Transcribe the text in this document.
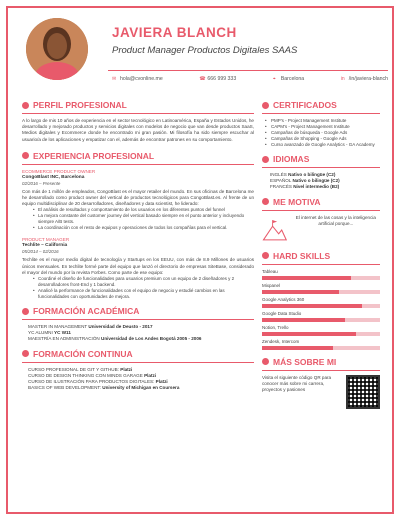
JAVIERA BLANCH
Product Manager Productos Digitales SAAS
✉ hola@cvonline.me	☎ 666 999 333	⌖ Barcelona	in /in/javiera-blanch
PERFIL PROFESIONAL
A lo largo de mis 10 años de experiencia en el sector tecnológico en Latinoamérica, España y Estados Unidos, he desarrollado y mejorado productos y servicios digitales con modelos de negocio que van desde productos SaaS, Medios digitales y Ecommerce donde he encontrado mi gran pasión. Mi filosofía ha sido siempre escuchar al usuario/a de los aplicaciones y empatizar con el, además de encontrar patrones en su comportamiento.
EXPERIENCIA PROFESIONAL
ECOMMERCE PRODUCT OWNER
CongoBlast INC, Barcelona
02/2016 – Presente
Con más de 1 millón de empleados, CongoBlast es el mayor retailer del mundo. En sus oficinas de Barcelona me he desarrollado como product owner del vertical de productos tecnológicos para CongoBlast.es. Al frente de un equipo multidisciplinar de 20 desarrolladores, diseñadores y data scientist, he liderado:
• El análisis de resultados y comportamiento de los usuarios en los diferentes puntos del funnel
• La mejora constante del customer journey del vertical basado siempre en el punto anterior y incluyendo siempre A/B tests.
• La coordinación con el resto de equipos y operaciones de todos los compañías para el vertical.
PRODUCT MANAGER
Techlite – California
05/2014 – 02/2016
Techlite es el mayor medio digital de tecnología y Startups en los EEUU, con más de 8.9 Millones de usuarios únicos mensuales. En techlite formé parte del equipo que lanzó el directorio de empresas SiteBase, considerado el mayor del mundo por la revista Forbes. Como parte de ese equipo:
• Coordiné el diseño de funcionalidades para usuarios premium con un equipo de 2 diseñadores y 2 desarrolladores front-End y 1 backend.
• Analicé la performance de funcionalidades con el equipo de negocio y estudié cambios en las funcionalidades con oportunidades de mejora.
FORMACIÓN ACADÉMICA
MASTER IN MANAGEMENT Universidad de Deusto - 2017
YC ALUMNI YC W11
MAESTRÍA EN ADMINISTRACIÓN Universidad de Los Andes Bogotá 2005 - 2006
FORMACIÓN CONTINUA
CURSO PROFESIONAL DE GIT Y GITHUB: Platzi
CURSO DE DESIGN THINKING CON MINDS GARAGE Platzi
CURSO DE ILUSTRACIÓN PARA PRODUCTOS DIGITALES: Platzi
BASICS OF WEB DEVELOPMENT: University of Michigan en Coursera
CERTIFICADOS
• PMP's - Project Management Institute
• CAPM's - Project Management Institute
• Campañas de búsqueda - Google Ads
• Campañas de Shopping - Google Ads
• Curso avanzado de Google Analytics - GA Academy
IDIOMAS
INGLÉS Nativo o bilingüe (C2)
ESPAÑOL Nativo o bilingüe (C2)
FRANCÉS Nivel intermedio (B2)
ME MOTIVA
El internet de las cosas y la inteligencia artificial porque...
HARD SKILLS
Tableau
Mixpanel
Google Analytics 360
Google Data Studio
Notion, Trello
Zendesk, Intercom
MÁS SOBRE MI
Visita el siguiente código QR para conocer más sobre mi carrera, proyectos y pasiones
